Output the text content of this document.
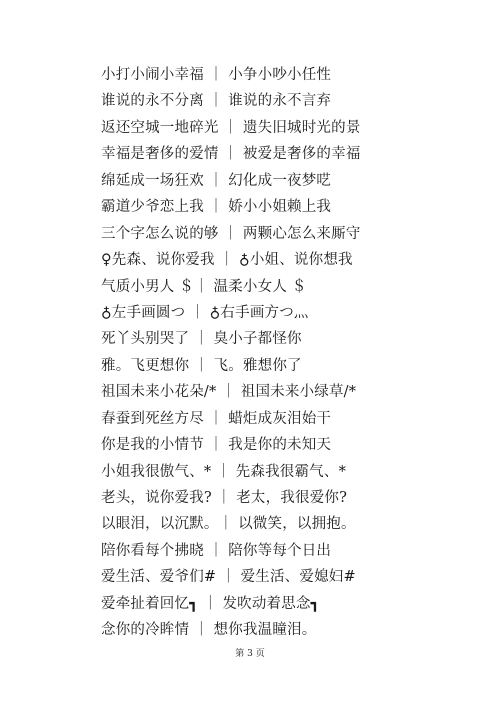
小打小闹小幸福 ｜ 小争小吵小任性
谁说的永不分离 ｜ 谁说的永不言弃
返还空城一地碎光 ｜ 遗失旧城时光的景
幸福是奢侈的爱情 ｜ 被爱是奢侈的幸福
绵延成一场狂欢 ｜ 幻化成一夜梦呓
霸道少爷恋上我 ｜ 娇小小姐赖上我
三个字怎么说的够 ｜ 两颗心怎么来厮守
♀先森、说你爱我 ｜ ♁小姐、说你想我
气质小男人 ＄｜ 温柔小女人 ＄
♁左手画圆つ ｜ ♁右手画方つ灬
死丫头别哭了 ｜ 臭小子都怪你
雅。飞更想你 ｜ 飞。雅想你了
祖国未来小花朵/* ｜ 祖国未来小绿草/*
春蚕到死丝方尽 ｜ 蜡炬成灰泪始干
你是我的小情节 ｜ 我是你的未知天
小姐我很傲气、* ｜ 先森我很霸气、*
老头，说你爱我? ｜ 老太，我很爱你?
以眼泪，以沉默。｜ 以微笑，以拥抱。
陪你看每个拂晓 ｜ 陪你等每个日出
爱生活、爱爷们# ｜ 爱生活、爱媳妇#
爱牵扯着回忆┓ ｜ 发吹动着思念┓
念你的冷眸情 ｜ 想你我温瞳泪。
第 3 页
